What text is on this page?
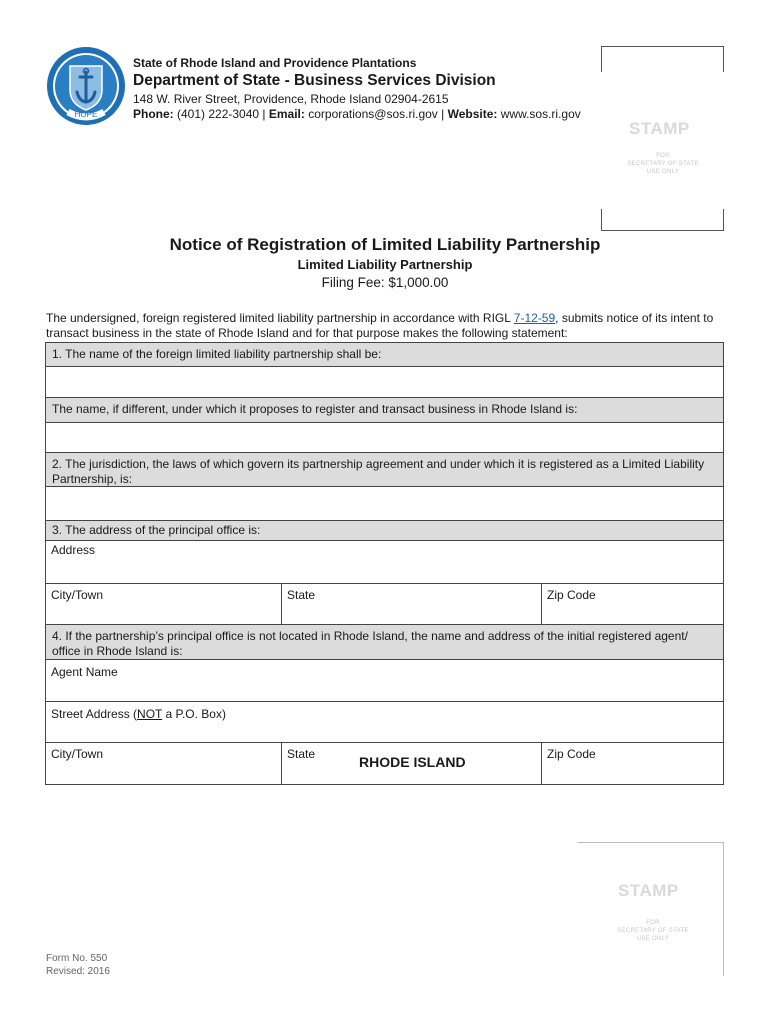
HOPE
State of Rhode Island and Providence Plantations
Department of State - Business Services Division
148 W. River Street, Providence, Rhode Island 02904-2615
Phone: (401) 222-3040 | Email: corporations@sos.ri.gov | Website: www.sos.ri.gov
STAMP
FOR
SECRETARY OF STATE
USE ONLY
Notice of Registration of Limited Liability Partnership
Limited Liability Partnership
Filing Fee: $1,000.00
The undersigned, foreign registered limited liability partnership in accordance with RIGL 7-12-59, submits notice of its intent to transact business in the state of Rhode Island and for that purpose makes the following statement:
1. The name of the foreign limited liability partnership shall be:
The name, if different, under which it proposes to register and transact business in Rhode Island is:
2. The jurisdiction, the laws of which govern its partnership agreement and under which it is registered as a Limited Liability Partnership, is:
3. The address of the principal office is:
Address
City/Town	State	Zip Code
4. If the partnership’s principal office is not located in Rhode Island, the name and address of the initial registered agent/ office in Rhode Island is:
Agent Name
Street Address (NOT a P.O. Box)
City/Town	State	Zip Code
RHODE ISLAND
STAMP
FOR
SECRETARY OF STATE
USE ONLY
Form No. 550
Revised: 2016
